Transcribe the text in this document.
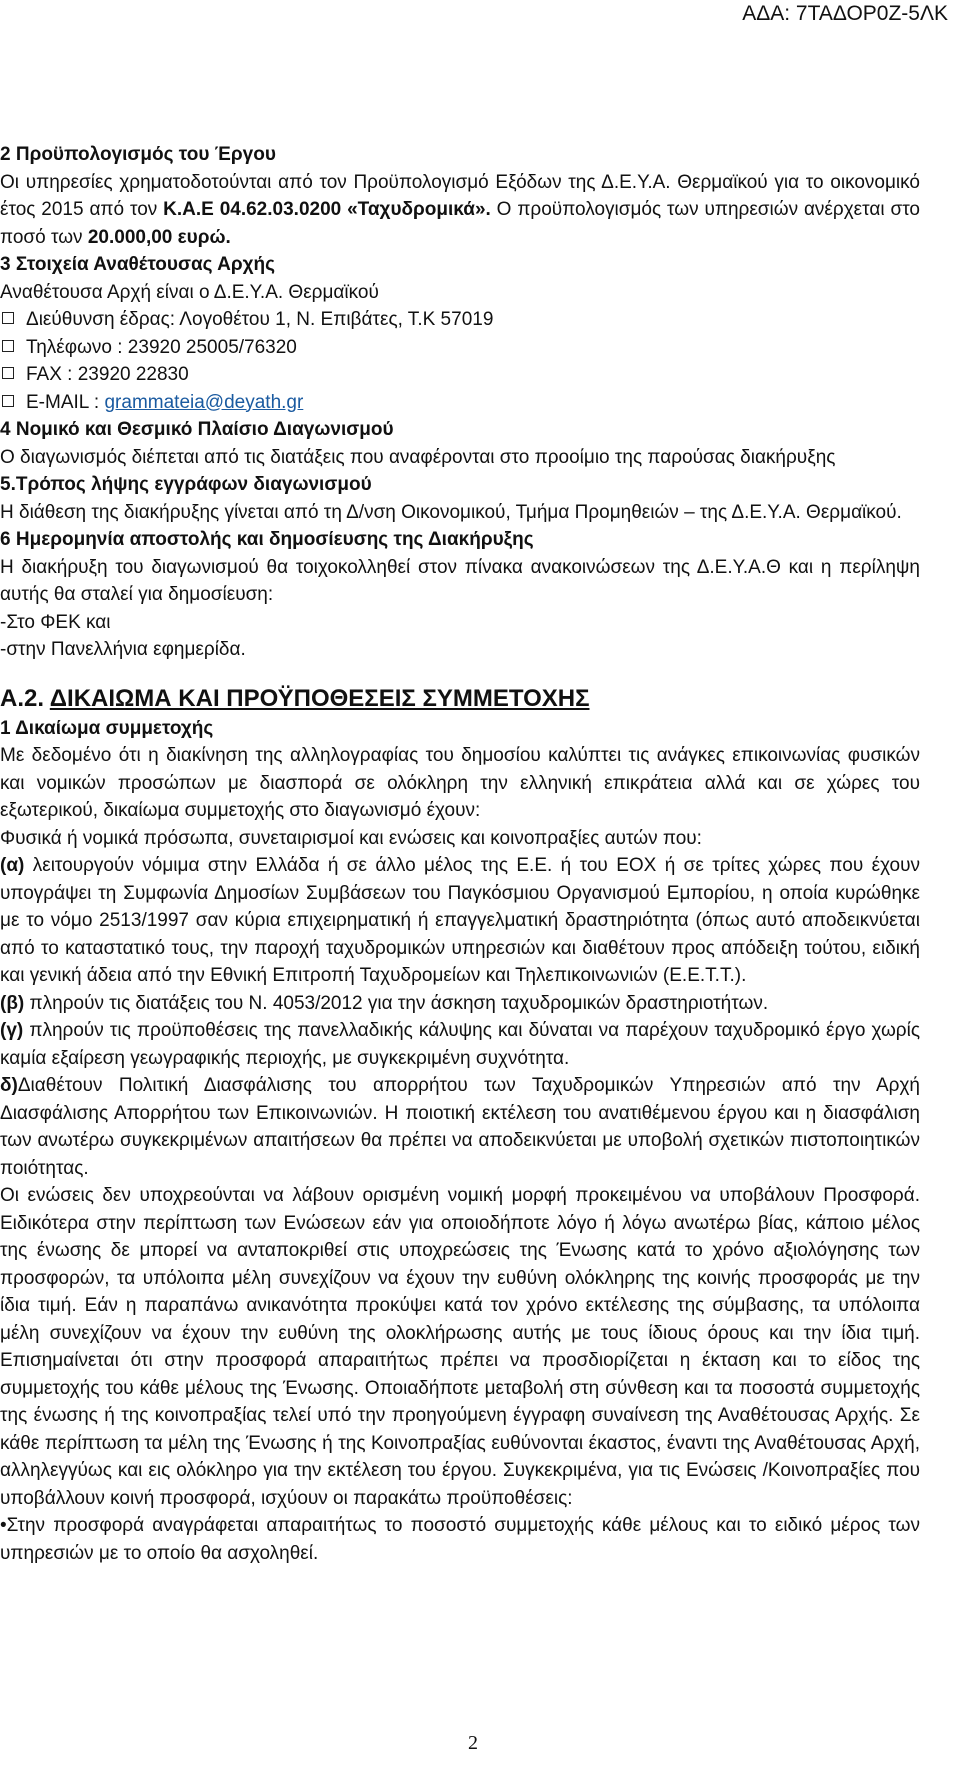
ΑΔΑ: 7ΤΑΔΟΡ0Ζ-5ΛΚ

2 Προϋπολογισμός του Έργου

Οι υπηρεσίες χρηματοδοτούνται από τον Προϋπολογισμό Εξόδων της Δ.Ε.Υ.Α. Θερμαϊκού για το οικονομικό έτος 2015 από τον Κ.Α.Ε 04.62.03.0200 «Ταχυδρομικά». Ο προϋπολογισμός των υπηρεσιών ανέρχεται στο ποσό των 20.000,00 ευρώ.

3 Στοιχεία Αναθέτουσας Αρχής

Αναθέτουσα Αρχή είναι ο Δ.Ε.Υ.Α. Θερμαϊκού

Διεύθυνση έδρας: Λογοθέτου 1, Ν. Επιβάτες, Τ.Κ 57019

Τηλέφωνο : 23920 25005/76320

FAX : 23920 22830

E-MAIL : grammateia@deyath.gr

4 Νομικό και Θεσμικό Πλαίσιο Διαγωνισμού

Ο διαγωνισμός διέπεται από τις διατάξεις που αναφέρονται στο προοίμιο της παρούσας διακήρυξης

5.Τρόπος λήψης εγγράφων διαγωνισμού

Η διάθεση της διακήρυξης γίνεται από τη Δ/νση Οικονομικού, Τμήμα Προμηθειών – της Δ.Ε.Υ.Α. Θερμαϊκού.

6 Ημερομηνία αποστολής και δημοσίευσης της Διακήρυξης

Η διακήρυξη του διαγωνισμού θα τοιχοκολληθεί στον πίνακα ανακοινώσεων της Δ.Ε.Υ.Α.Θ και η περίληψη αυτής θα σταλεί για δημοσίευση:

-Στο ΦΕΚ και

-στην Πανελλήνια εφημερίδα.

Α.2. ΔΙΚΑΙΩΜΑ ΚΑΙ ΠΡΟΫΠΟΘΕΣΕΙΣ ΣΥΜΜΕΤΟΧΗΣ

1 Δικαίωμα συμμετοχής

Με δεδομένο ότι η διακίνηση της αλληλογραφίας του δημοσίου καλύπτει τις ανάγκες επικοινωνίας φυσικών και νομικών προσώπων με διασπορά σε ολόκληρη την ελληνική επικράτεια αλλά και σε χώρες του εξωτερικού, δικαίωμα συμμετοχής στο διαγωνισμό έχουν:

Φυσικά ή νομικά πρόσωπα, συνεταιρισμοί και ενώσεις και κοινοπραξίες αυτών που:

(α) λειτουργούν νόμιμα στην Ελλάδα ή σε άλλο μέλος της Ε.Ε. ή του ΕΟΧ ή σε τρίτες χώρες που έχουν υπογράψει τη Συμφωνία Δημοσίων Συμβάσεων του Παγκόσμιου Οργανισμού Εμπορίου, η οποία κυρώθηκε με το νόμο 2513/1997 σαν κύρια επιχειρηματική ή επαγγελματική δραστηριότητα (όπως αυτό αποδεικνύεται από το καταστατικό τους, την παροχή ταχυδρομικών υπηρεσιών και διαθέτουν προς απόδειξη τούτου, ειδική και γενική άδεια από την Εθνική Επιτροπή Ταχυδρομείων και Τηλεπικοινωνιών (Ε.Ε.Τ.Τ.).

(β) πληρούν τις διατάξεις του Ν. 4053/2012 για την άσκηση ταχυδρομικών δραστηριοτήτων.

(γ) πληρούν τις προϋποθέσεις της πανελλαδικής κάλυψης και δύναται να παρέχουν ταχυδρομικό έργο χωρίς καμία εξαίρεση γεωγραφικής περιοχής, με συγκεκριμένη συχνότητα.

δ)Διαθέτουν Πολιτική Διασφάλισης του απορρήτου των Ταχυδρομικών Υπηρεσιών από την Αρχή Διασφάλισης Απορρήτου των Επικοινωνιών. Η ποιοτική εκτέλεση του ανατιθέμενου έργου και η διασφάλιση των ανωτέρω συγκεκριμένων απαιτήσεων θα πρέπει να αποδεικνύεται με υποβολή σχετικών πιστοποιητικών ποιότητας.

Οι ενώσεις δεν υποχρεούνται να λάβουν ορισμένη νομική μορφή προκειμένου να υποβάλουν Προσφορά. Ειδικότερα στην περίπτωση των Ενώσεων εάν για οποιοδήποτε λόγο ή λόγω ανωτέρω βίας, κάποιο μέλος της ένωσης δε μπορεί να ανταποκριθεί στις υποχρεώσεις της Ένωσης κατά το χρόνο αξιολόγησης των προσφορών, τα υπόλοιπα μέλη συνεχίζουν να έχουν την ευθύνη ολόκληρης της κοινής προσφοράς με την ίδια τιμή. Εάν η παραπάνω ανικανότητα προκύψει κατά τον χρόνο εκτέλεσης της σύμβασης, τα υπόλοιπα μέλη συνεχίζουν να έχουν την ευθύνη της ολοκλήρωσης αυτής με τους ίδιους όρους και την ίδια τιμή. Επισημαίνεται ότι στην προσφορά απαραιτήτως πρέπει να προσδιορίζεται η έκταση και το είδος της συμμετοχής του κάθε μέλους της Ένωσης. Οποιαδήποτε μεταβολή στη σύνθεση και τα ποσοστά συμμετοχής της ένωσης ή της κοινοπραξίας τελεί υπό την προηγούμενη έγγραφη συναίνεση της Αναθέτουσας Αρχής. Σε κάθε περίπτωση τα μέλη της Ένωσης ή της Κοινοπραξίας ευθύνονται έκαστος, έναντι της Αναθέτουσας Αρχή, αλληλεγγύως και εις ολόκληρο για την εκτέλεση του έργου. Συγκεκριμένα, για τις Ενώσεις /Κοινοπραξίες που υποβάλλουν κοινή προσφορά, ισχύουν οι παρακάτω προϋποθέσεις:

•Στην προσφορά αναγράφεται απαραιτήτως το ποσοστό συμμετοχής κάθε μέλους και το ειδικό μέρος των υπηρεσιών με το οποίο θα ασχοληθεί.

2
